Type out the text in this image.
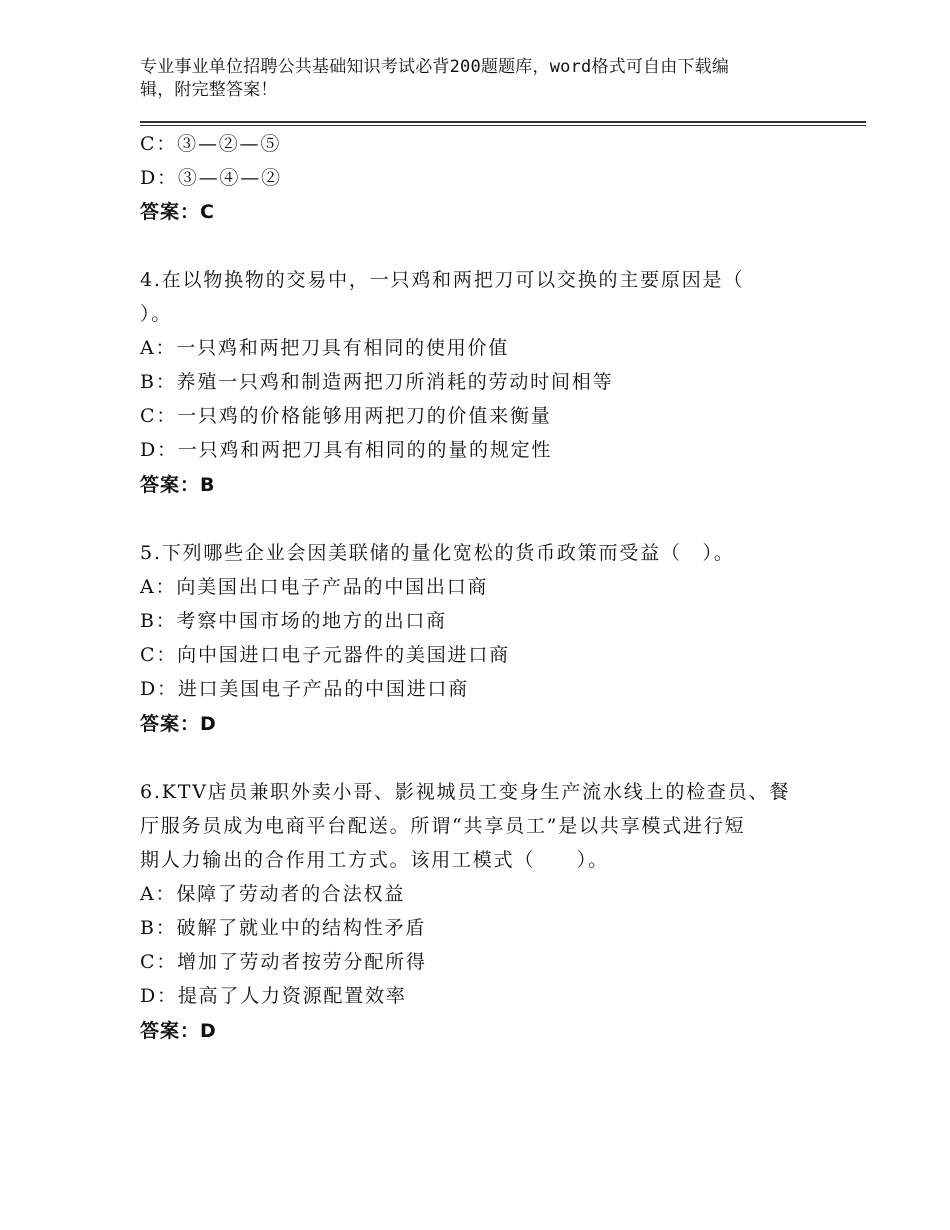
专业事业单位招聘公共基础知识考试必背200题题库，word格式可自由下载编
辑，附完整答案！
C：③—②—⑤
D：③—④—②
答案：C
4.在以物换物的交易中，一只鸡和两把刀可以交换的主要原因是（
）。
A：一只鸡和两把刀具有相同的使用价值
B：养殖一只鸡和制造两把刀所消耗的劳动时间相等
C：一只鸡的价格能够用两把刀的价值来衡量
D：一只鸡和两把刀具有相同的的量的规定性
答案：B
5.下列哪些企业会因美联储的量化宽松的货币政策而受益（　）。
A：向美国出口电子产品的中国出口商
B：考察中国市场的地方的出口商
C：向中国进口电子元器件的美国进口商
D：进口美国电子产品的中国进口商
答案：D
6.KTV店员兼职外卖小哥、影视城员工变身生产流水线上的检查员、餐
厅服务员成为电商平台配送。所谓“共享员工”是以共享模式进行短
期人力输出的合作用工方式。该用工模式（　　）。
A：保障了劳动者的合法权益
B：破解了就业中的结构性矛盾
C：增加了劳动者按劳分配所得
D：提高了人力资源配置效率
答案：D
